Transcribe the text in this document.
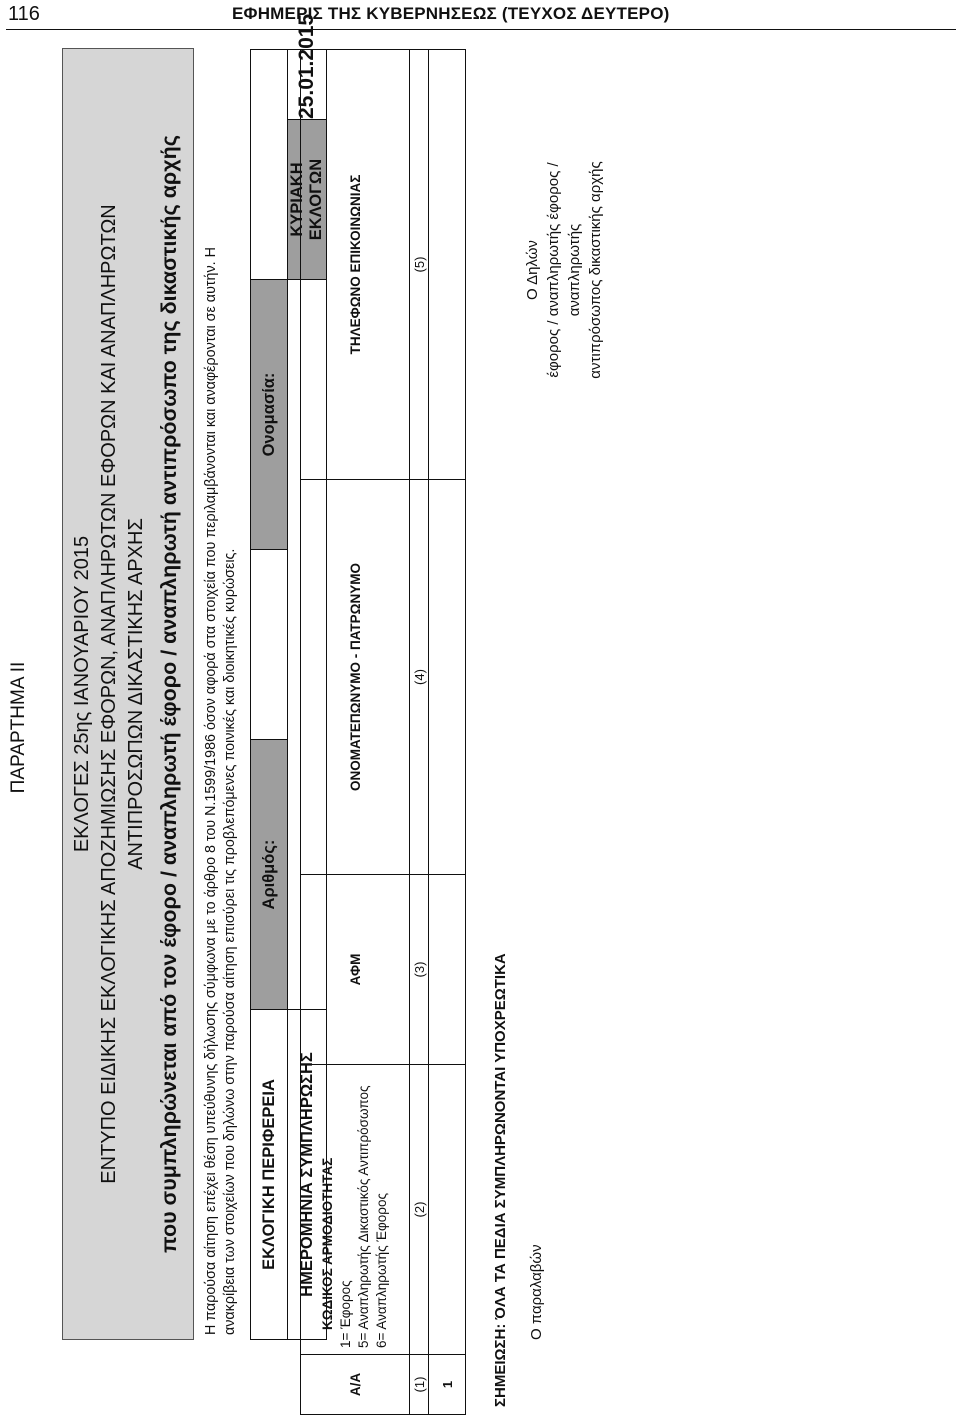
116	ΕΦΗΜΕΡΙΣ ΤΗΣ ΚΥΒΕΡΝΗΣΕΩΣ (ΤΕΥΧΟΣ ΔΕΥΤΕΡΟ)
ΠΑΡΑΡΤΗΜΑ ΙΙ ΕΚΛΟΓΕΣ 25ης ΙΑΝΟΥΑΡΙΟΥ 2015 ΕΝΤΥΠΟ ΕΙΔΙΚΗΣ ΕΚΛΟΓΙΚΗΣ ΑΠΟΖΗΜΙΩΣΗΣ ΕΦΟΡΩΝ, ΑΝΑΠΛΗΡΩΤΩΝ ΕΦΟΡΩΝ ΚΑΙ ΑΝΑΠΛΗΡΩΤΩΝ ΑΝΤΙΠΡΟΣΩΠΩΝ ΔΙΚΑΣΤΙΚΗΣ ΑΡΧΗΣ που συμπληρώνεται από τον έφορο / αναπληρωτή έφορο / αναπληρωτή αντιπρόσωπο της δικαστικής αρχής Η παρούσα αίτηση επέχει θέση υπεύθυνης δήλωσης σύμφωνα με το άρθρο 8 του Ν.1599/1986 όσον αφορά στα στοιχεία που περιλαμβάνονται και αναφέρονται σε αυτήν. Η ανακρίβεια των στοιχείων που δηλώνω στην παρούσα αίτηση επισύρει τις προβλεπόμενες ποινικές και διοικητικές κυρώσεις. ΕΚΛΟΓΙΚΗ ΠΕΡΙΦΕΡΕΙΑ	Αριθμός:		Ονομασία:		
ΗΜΕΡΟΜΗΝΙΑ ΣΥΜΠΛΗΡΩΣΗΣ				ΚΥΡΙΑΚΗ ΕΚΛΟΓΩΝ	25.01.2015
Α/Α	ΚΩΔΙΚΟΣ ΑΡΜΟΔΙΟΤΗΤΑΣ 1= Έφορος 5= Αναπληρωτής Δικαστικός Αντιπρόσωπος 6= Αναπληρωτής Έφορος	ΑΦΜ	ΟΝΟΜΑΤΕΠΩΝΥΜΟ - ΠΑΤΡΩΝΥΜΟ	ΤΗΛΕΦΩΝΟ ΕΠΙΚΟΙΝΩΝΙΑΣ
(1)	(2)	(3)	(4)	(5)
1					ΣΗΜΕΙΩΣΗ: ΌΛΑ ΤΑ ΠΕΔΙΑ ΣΥΜΠΛΗΡΩΝΟΝΤΑΙ ΥΠΟΧΡΕΩΤΙΚΑ Ο παραλαβών
Ο Δηλών έφορος / αναπληρωτής έφορος /αναπληρωτής αντιπρόσωπος δικαστικής αρχής
